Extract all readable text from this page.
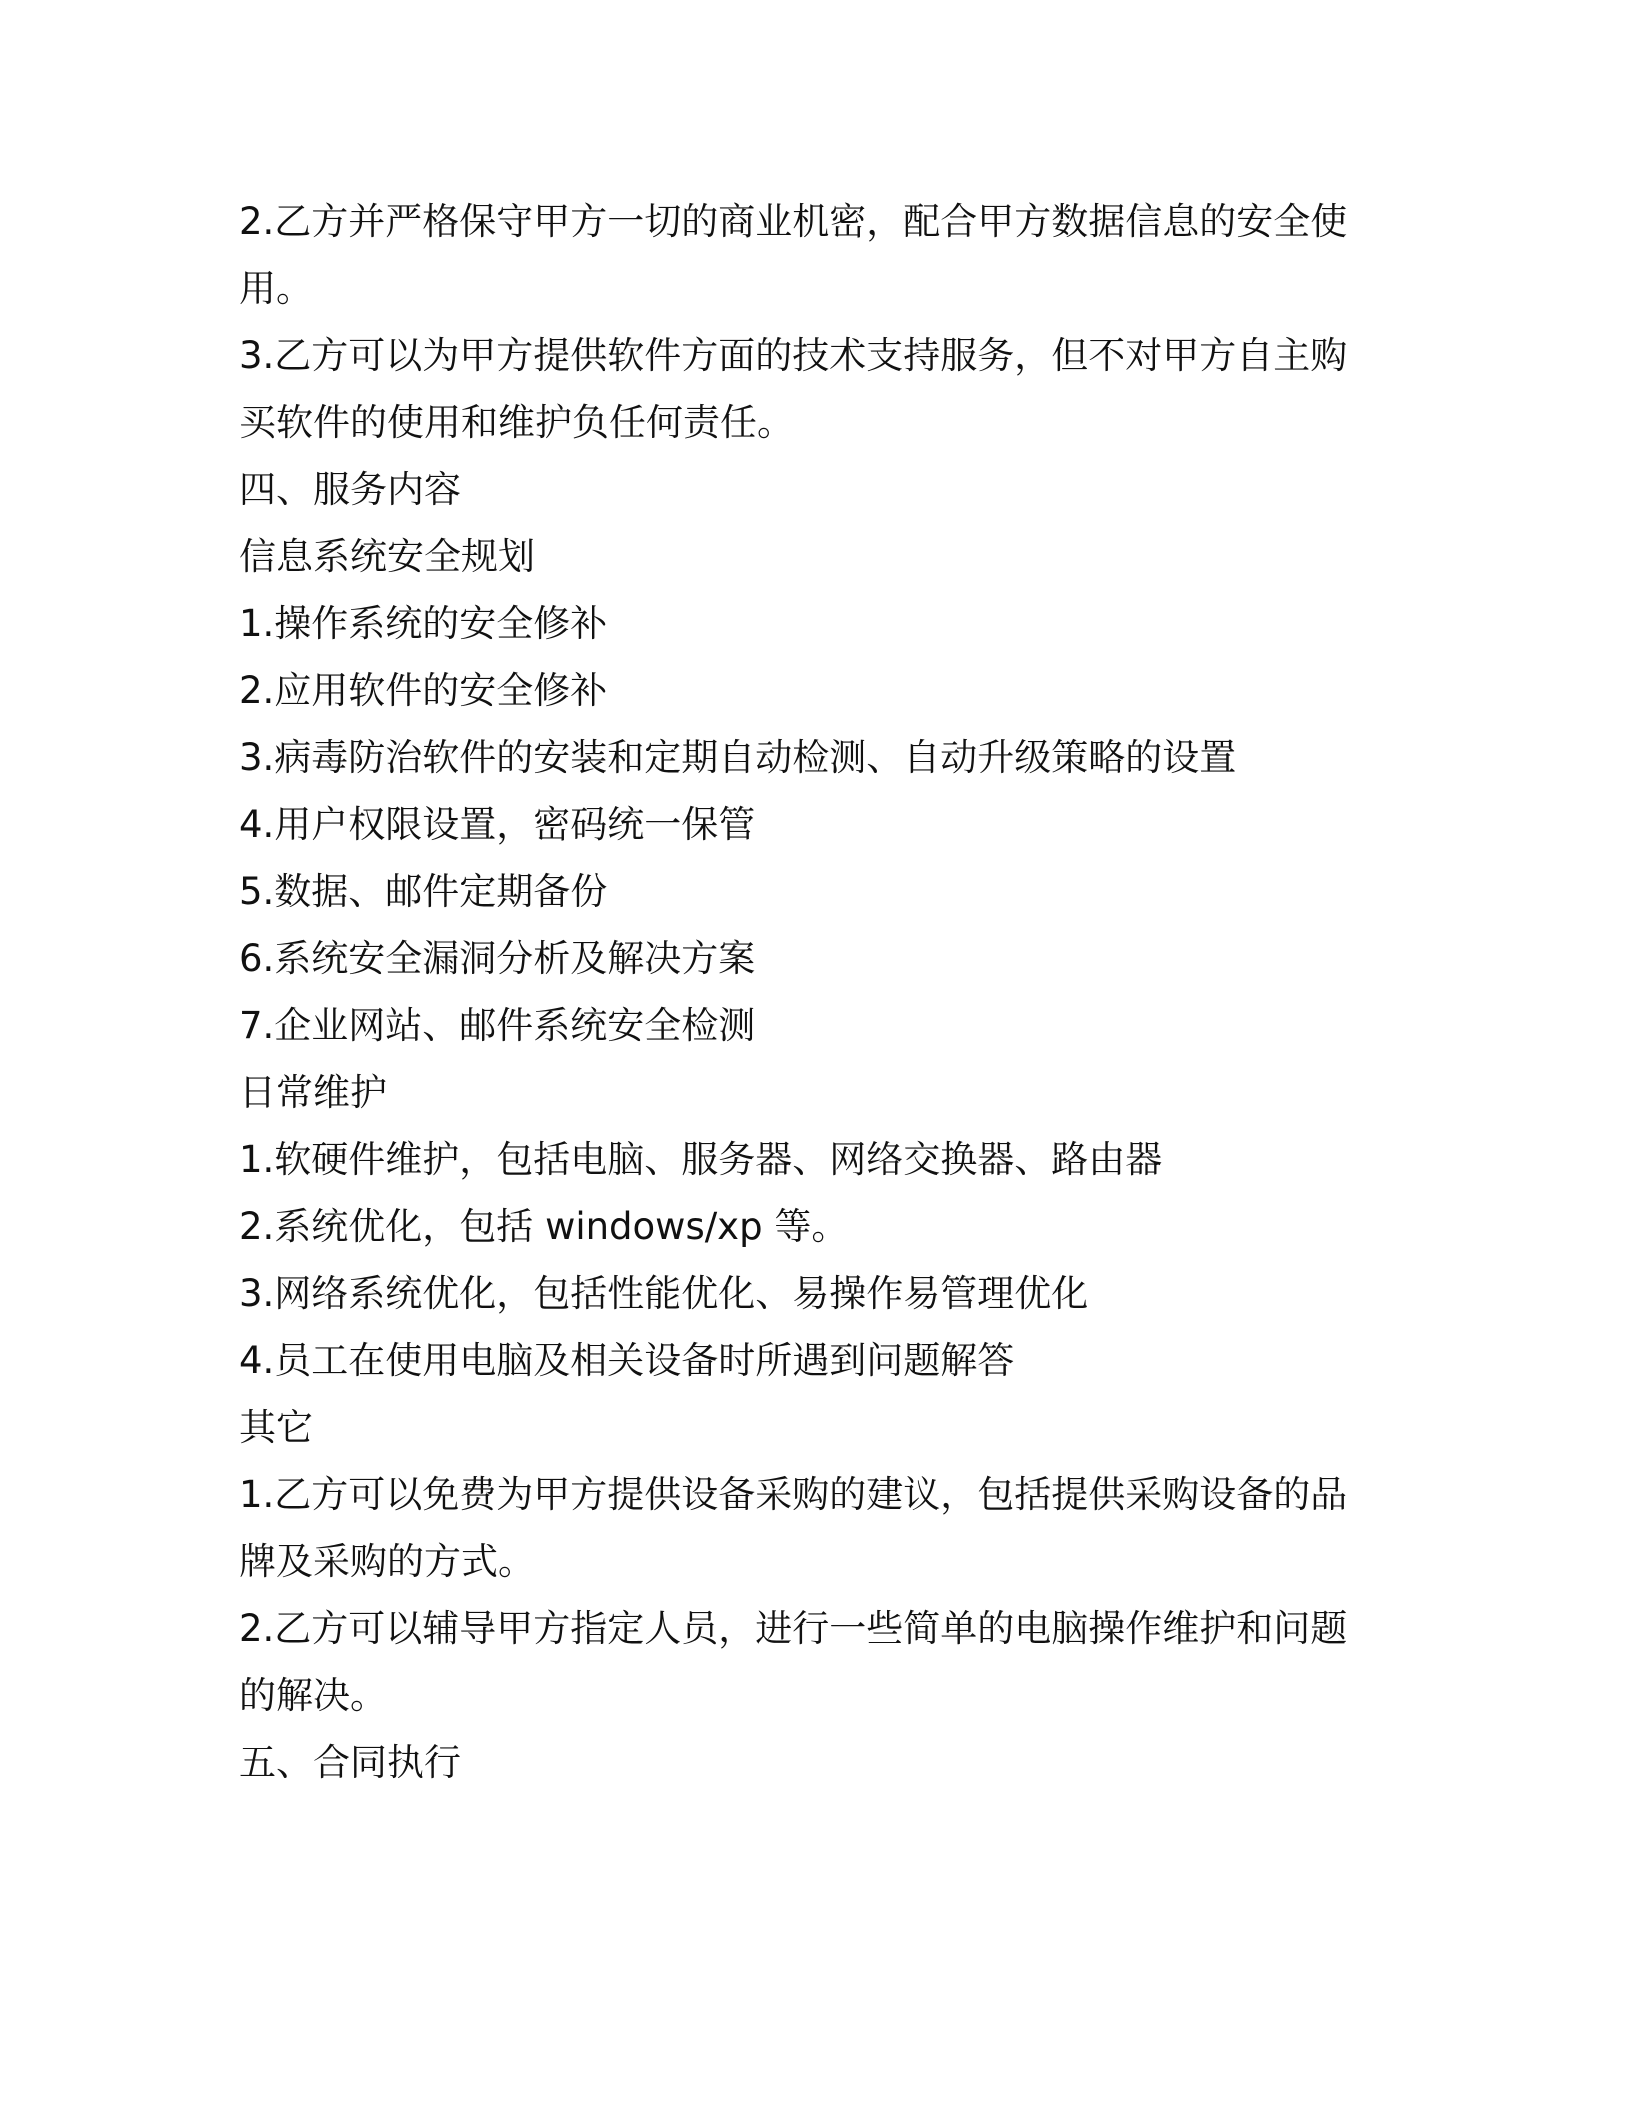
2.乙方并严格保守甲方一切的商业机密，配合甲方数据信息的安全使

用。

3.乙方可以为甲方提供软件方面的技术支持服务，但不对甲方自主购

买软件的使用和维护负任何责任。

四、服务内容

信息系统安全规划

1.操作系统的安全修补

2.应用软件的安全修补

3.病毒防治软件的安装和定期自动检测、自动升级策略的设置

4.用户权限设置，密码统一保管

5.数据、邮件定期备份

6.系统安全漏洞分析及解决方案

7.企业网站、邮件系统安全检测

日常维护

1.软硬件维护，包括电脑、服务器、网络交换器、路由器

2.系统优化，包括 windows/xp 等。

3.网络系统优化，包括性能优化、易操作易管理优化

4.员工在使用电脑及相关设备时所遇到问题解答

其它

1.乙方可以免费为甲方提供设备采购的建议，包括提供采购设备的品

牌及采购的方式。

2.乙方可以辅导甲方指定人员，进行一些简单的电脑操作维护和问题

的解决。

五、合同执行
